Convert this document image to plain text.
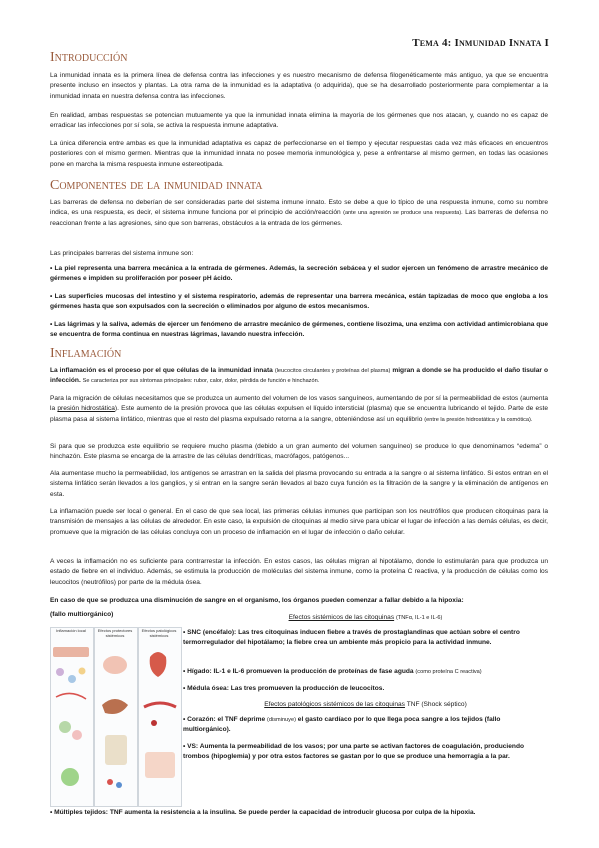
Tema 4: Inmunidad Innata I
Introducción

La inmunidad innata es la primera línea de defensa contra las infecciones y es nuestro mecanismo de defensa filogenéticamente más antiguo, ya que se encuentra presente incluso en insectos y plantas. La otra rama de la inmunidad es la adaptativa (o adquirida), que se ha desarrollado posteriormente para complementar a la inmunidad innata en nuestra defensa contra las infecciones.

En realidad, ambas respuestas se potencian mutuamente ya que la inmunidad innata elimina la mayoría de los gérmenes que nos atacan, y, cuando no es capaz de erradicar las infecciones por sí sola, se activa la respuesta inmune adaptativa.

La única diferencia entre ambas es que la inmunidad adaptativa es capaz de perfeccionarse en el tiempo y ejecutar respuestas cada vez más eficaces en encuentros posteriores con el mismo germen. Mientras que la inmunidad innata no posee memoria inmunológica y, pese a enfrentarse al mismo germen, en todas las ocasiones pone en marcha la misma respuesta inmune estereotipada.

Componentes de la inmunidad innata

Las barreras de defensa no deberían de ser consideradas parte del sistema inmune innato. Esto se debe a que lo típico de una respuesta inmune, como su nombre indica, es una respuesta, es decir, el sistema inmune funciona por el principio de acción/reacción (ante una agresión se produce una respuesta). Las barreras de defensa no reaccionan frente a las agresiones, sino que son barreras, obstáculos a la entrada de los gérmenes.

Las principales barreras del sistema inmune son:

• La piel representa una barrera mecánica a la entrada de gérmenes. Además, la secreción sebácea y el sudor ejercen un fenómeno de arrastre mecánico de gérmenes e impiden su proliferación por poseer pH ácido.

• Las superficies mucosas del intestino y el sistema respiratorio, además de representar una barrera mecánica, están tapizadas de moco que engloba a los gérmenes hasta que son expulsados con la secreción o eliminados por alguno de estos mecanismos.

• Las lágrimas y la saliva, además de ejercer un fenómeno de arrastre mecánico de gérmenes, contiene lisozima, una enzima con actividad antimicrobiana que se encuentra de forma continua en nuestras lágrimas, lavando nuestra infección.

Inflamación

La inflamación es el proceso por el que células de la inmunidad innata (leucocitos circulantes y proteínas del plasma) migran a donde se ha producido el daño tisular o infección. Se caracteriza por sus síntomas principales: rubor, calor, dolor, pérdida de función e hinchazón.

Para la migración de células necesitamos que se produzca un aumento del volumen de los vasos sanguíneos, aumentando de por sí la permeabilidad de estos (aumenta la presión hidrostática). Este aumento de la presión provoca que las células expulsen el líquido intersticial (plasma) que se encuentra lubricando el tejido. Parte de este plasma pasa al sistema linfático, mientras que el resto del plasma expulsado retorna a la sangre, obteniéndose así un equilibrio (entre la presión hidrostática y la osmótica).

Si para que se produzca este equilibrio se requiere mucho plasma (debido a un gran aumento del volumen sanguíneo) se produce lo que denominamos “edema” o hinchazón. Este plasma se encarga de la arrastre de las células dendríticas, macrófagos, patógenos...

Ala aumentase mucho la permeabilidad, los antígenos se arrastran en la salida del plasma provocando su entrada a la sangre o al sistema linfático. Si estos entran en el sistema linfático serán llevados a los ganglios, y si entran en la sangre serán llevados al bazo cuya función es la filtración de la sangre y la eliminación de antígenos en esta.

La inflamación puede ser local o general. En el caso de que sea local, las primeras células inmunes que participan son los neutrófilos que producen citoquinas para la transmisión de mensajes a las células de alrededor. En este caso, la expulsión de citoquinas al medio sirve para ubicar el lugar de infección a las demás células, es decir, promueve que la migración de las células concluya con un proceso de inflamación en el lugar de infección o daño celular.

A veces la inflamación no es suficiente para contrarrestar la infección. En estos casos, las células migran al hipotálamo, donde lo estimularán para que produzca un estado de fiebre en el individuo. Además, se estimula la producción de moléculas del sistema inmune, como la proteína C reactiva, y la producción de células como los leucocitos (neutrófilos) por parte de la médula ósea.

En caso de que se produzca una disminución de sangre en el organismo, los órganos pueden comenzar a fallar debido a la hipoxia:

(fallo multiorgánico)

Inflamación local	Efectos protectores sistémicos
Efectos patológicos sistémicos

Efectos sistémicos de las citoquinas (TNFα, IL-1 e IL-6)

• SNC (encéfalo): Las tres citoquinas inducen fiebre a través de prostaglandinas que actúan sobre el centro termorregulador del hipotálamo; la fiebre crea un ambiente más propicio para la actividad inmune.

• Hígado: IL-1 e IL-6 promueven la producción de proteínas de fase aguda (como proteína C reactiva)

• Médula ósea: Las tres promueven la producción de leucocitos.

Efectos patológicos sistémicos de las citoquinas TNF (Shock séptico)

• Corazón: el TNF deprime (disminuye) el gasto cardíaco por lo que llega poca sangre a los tejidos (fallo multiorgánico).

• VS: Aumenta la permeabilidad de los vasos; por una parte se activan factores de coagulación, produciendo trombos (hipoglemia) y por otra estos factores se gastan por lo que se produce una hemorragia a la par.

• Múltiples tejidos: TNF aumenta la resistencia a la insulina. Se puede perder la capacidad de introducir glucosa por culpa de la hipoxia.
